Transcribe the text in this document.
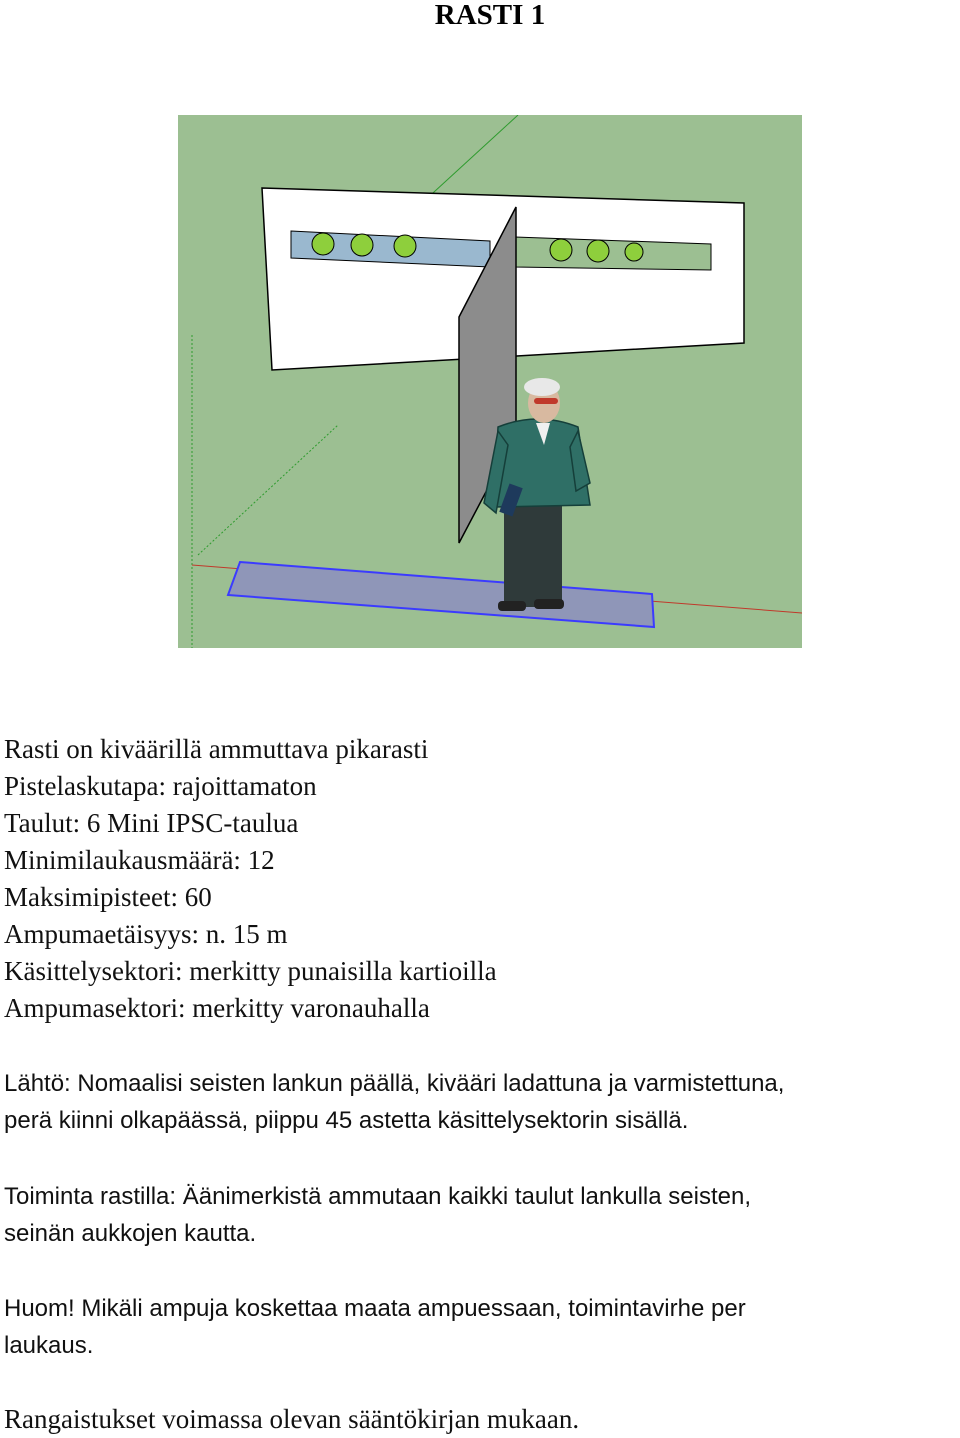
RASTI 1
Rasti on kiväärillä ammuttava pikarasti
Pistelaskutapa: rajoittamaton
Taulut: 6 Mini IPSC-taulua
Minimilaukausmäärä: 12
Maksimipisteet: 60
Ampumaetäisyys: n. 15 m
Käsittelysektori: merkitty punaisilla kartioilla
Ampumasektori: merkitty varonauhalla

Lähtö: Nomaalisi seisten lankun päällä, kivääri ladattuna ja varmistettuna,
perä kiinni olkapäässä, piippu 45 astetta käsittelysektorin sisällä.

Toiminta rastilla: Äänimerkistä ammutaan kaikki taulut lankulla seisten,
seinän aukkojen kautta.

Huom! Mikäli ampuja koskettaa maata ampuessaan, toimintavirhe per
laukaus.

Rangaistukset voimassa olevan sääntökirjan mukaan.
